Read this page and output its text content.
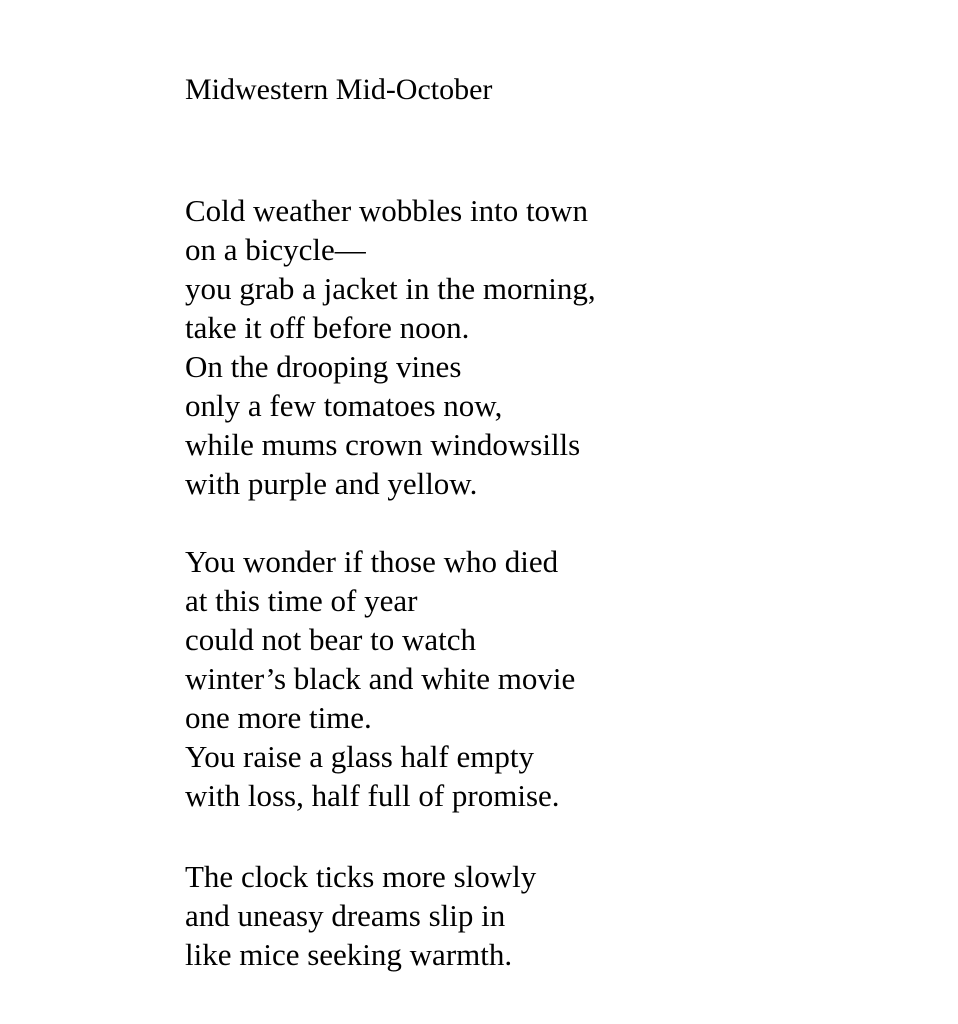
Midwestern Mid-October
Cold weather wobbles into town
on a bicycle—
you grab a jacket in the morning,
take it off before noon.
On the drooping vines
only a few tomatoes now,
while mums crown windowsills
with purple and yellow.
You wonder if those who died
at this time of year
could not bear to watch
winter’s black and white movie
one more time.
You raise a glass half empty
with loss, half full of promise.
The clock ticks more slowly
and uneasy dreams slip in
like mice seeking warmth.
